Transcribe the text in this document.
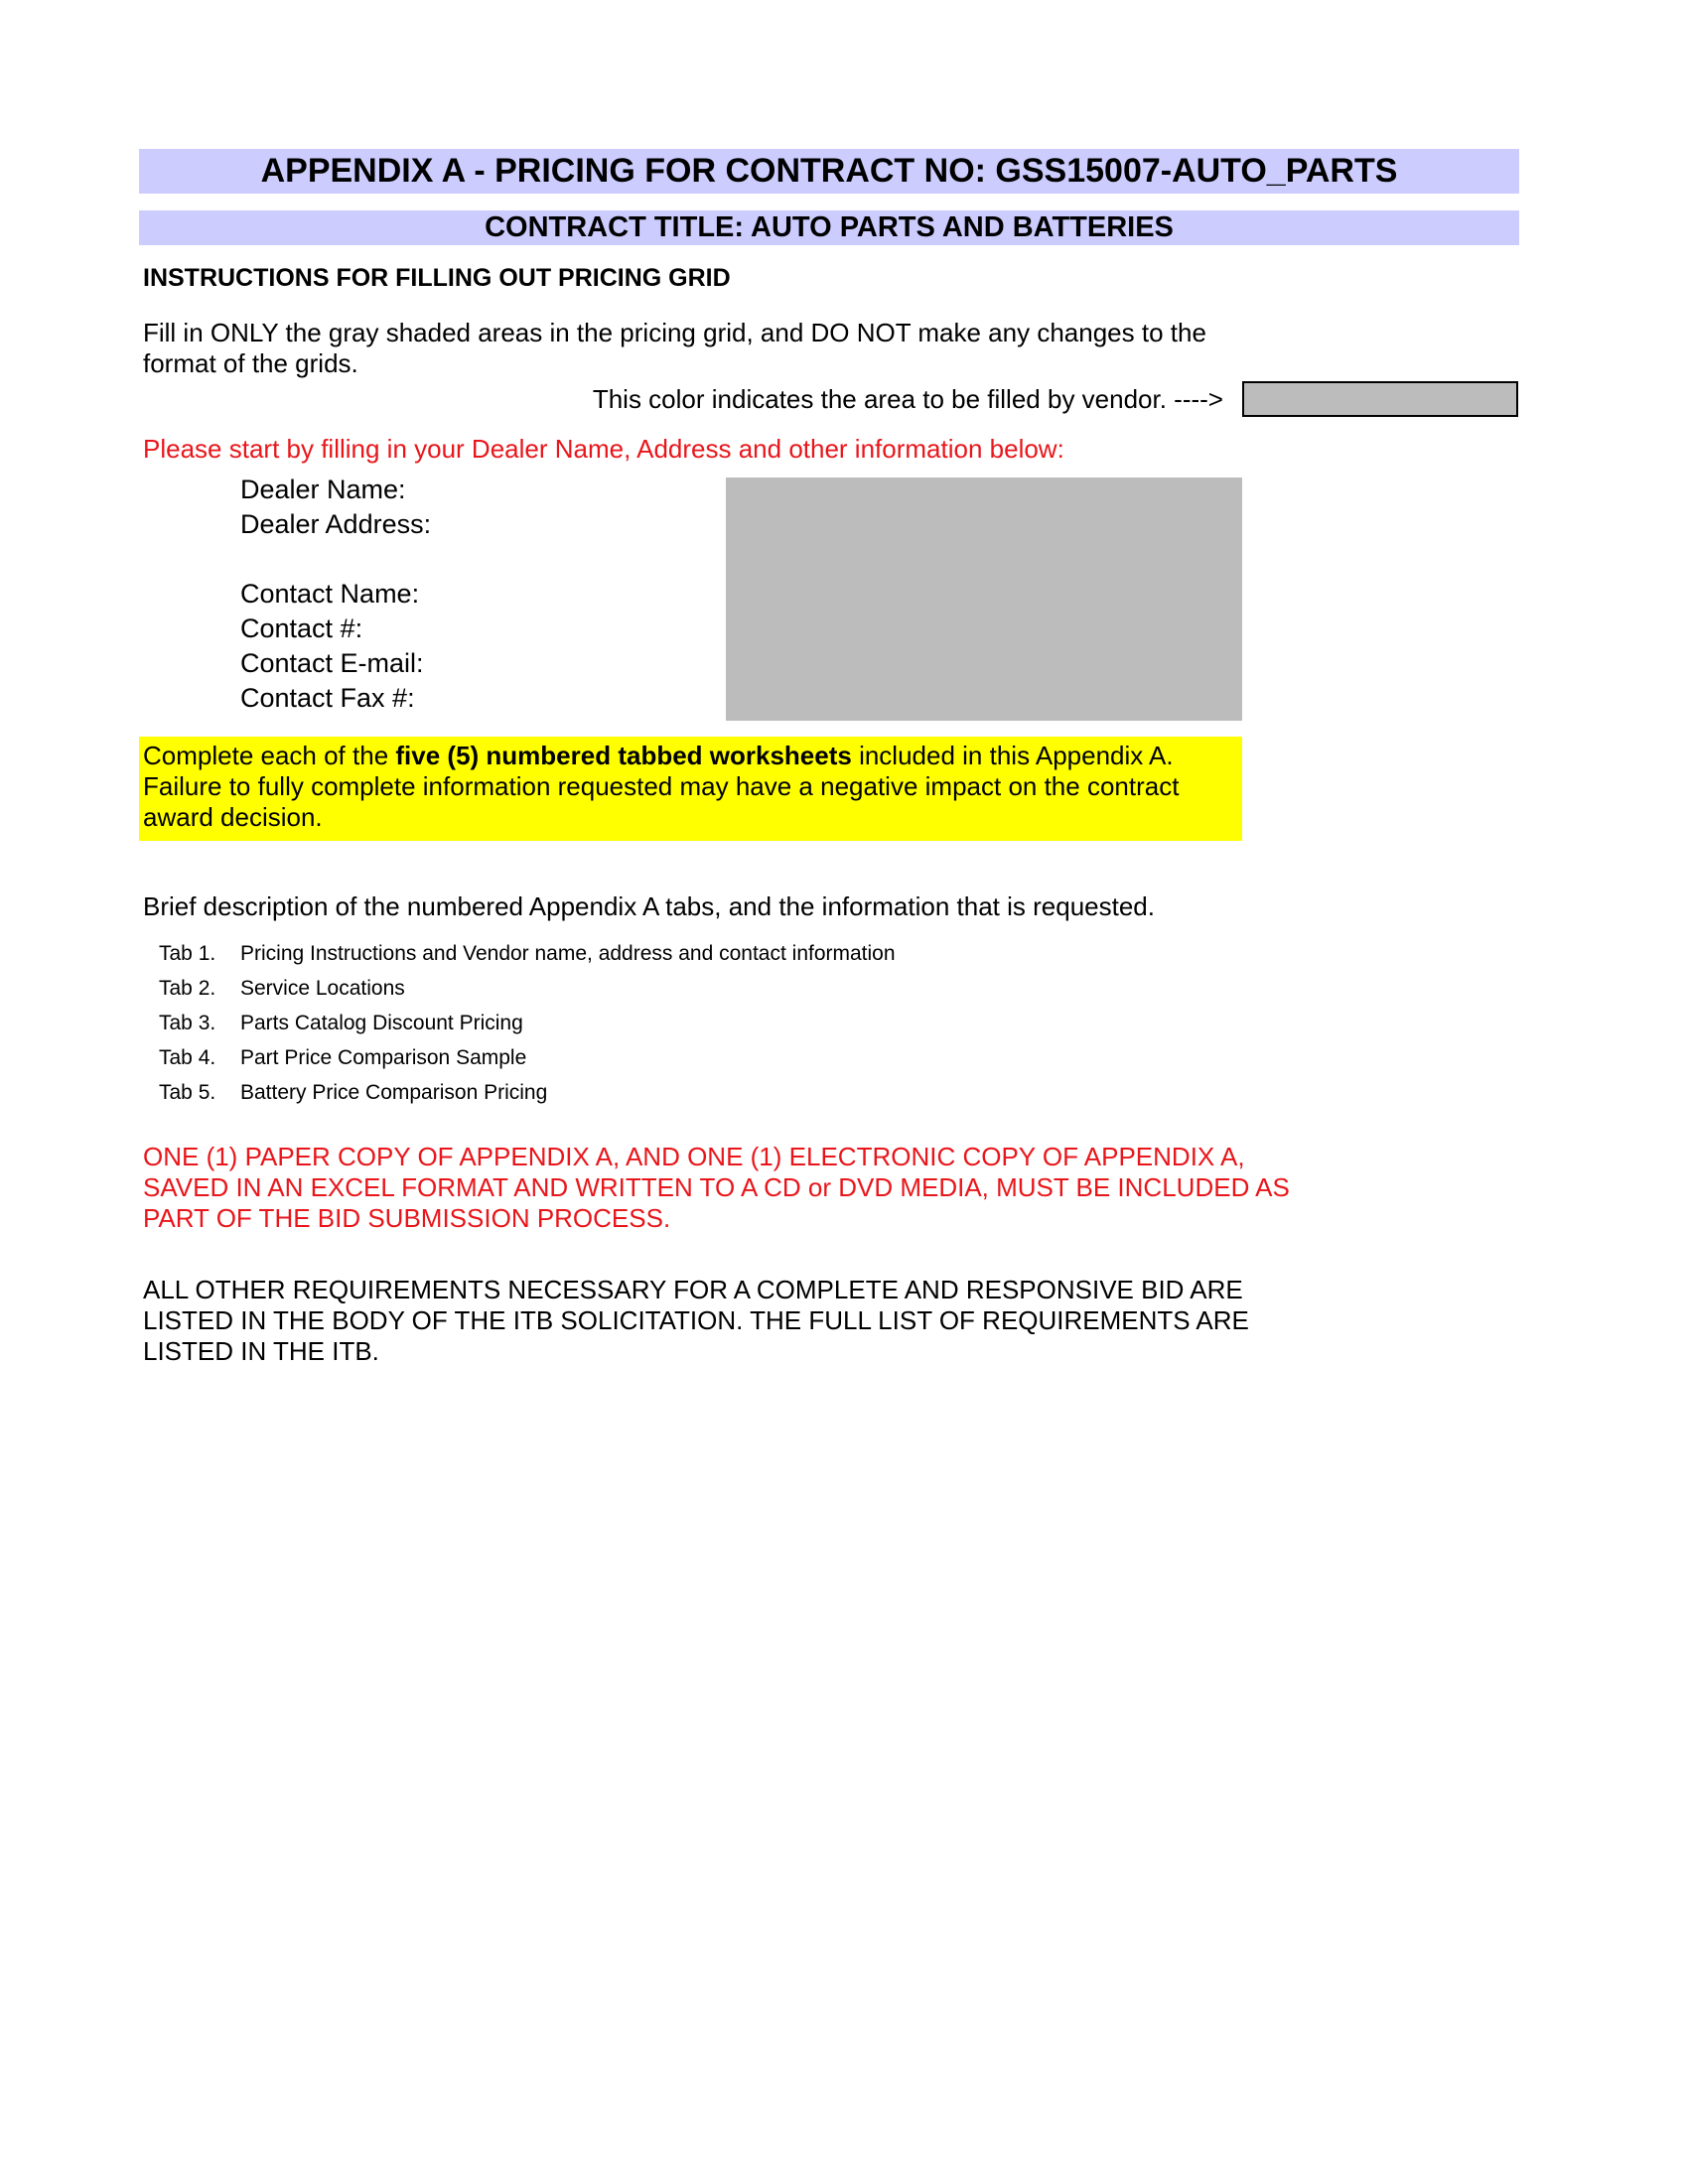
APPENDIX A - PRICING FOR CONTRACT NO: GSS15007-AUTO_PARTS
CONTRACT TITLE: AUTO PARTS AND BATTERIES
INSTRUCTIONS FOR FILLING OUT PRICING GRID
Fill in ONLY the gray shaded areas in the pricing grid, and DO NOT make any changes to the format of the grids.
This color indicates the area to be filled by vendor. ---->
Please start by filling in your Dealer Name, Address and other information below:
Dealer Name:
Dealer Address:
Contact Name:
Contact #:
Contact E-mail:
Contact Fax #:
Complete each of the five (5) numbered tabbed worksheets included in this Appendix A. Failure to fully complete information requested may have a negative impact on the contract award decision.
Brief description of the numbered Appendix A tabs, and the information that is requested.
Tab 1. Pricing Instructions and Vendor name, address and contact information
Tab 2. Service Locations
Tab 3. Parts Catalog Discount Pricing
Tab 4. Part Price Comparison Sample
Tab 5. Battery Price Comparison Pricing
ONE (1) PAPER COPY OF APPENDIX A, AND ONE (1) ELECTRONIC COPY OF APPENDIX A, SAVED IN AN EXCEL FORMAT AND WRITTEN TO A CD or DVD MEDIA, MUST BE INCLUDED AS PART OF THE BID SUBMISSION PROCESS.
ALL OTHER REQUIREMENTS NECESSARY FOR A COMPLETE AND RESPONSIVE BID ARE LISTED IN THE BODY OF THE ITB SOLICITATION. THE FULL LIST OF REQUIREMENTS ARE LISTED IN THE ITB.
